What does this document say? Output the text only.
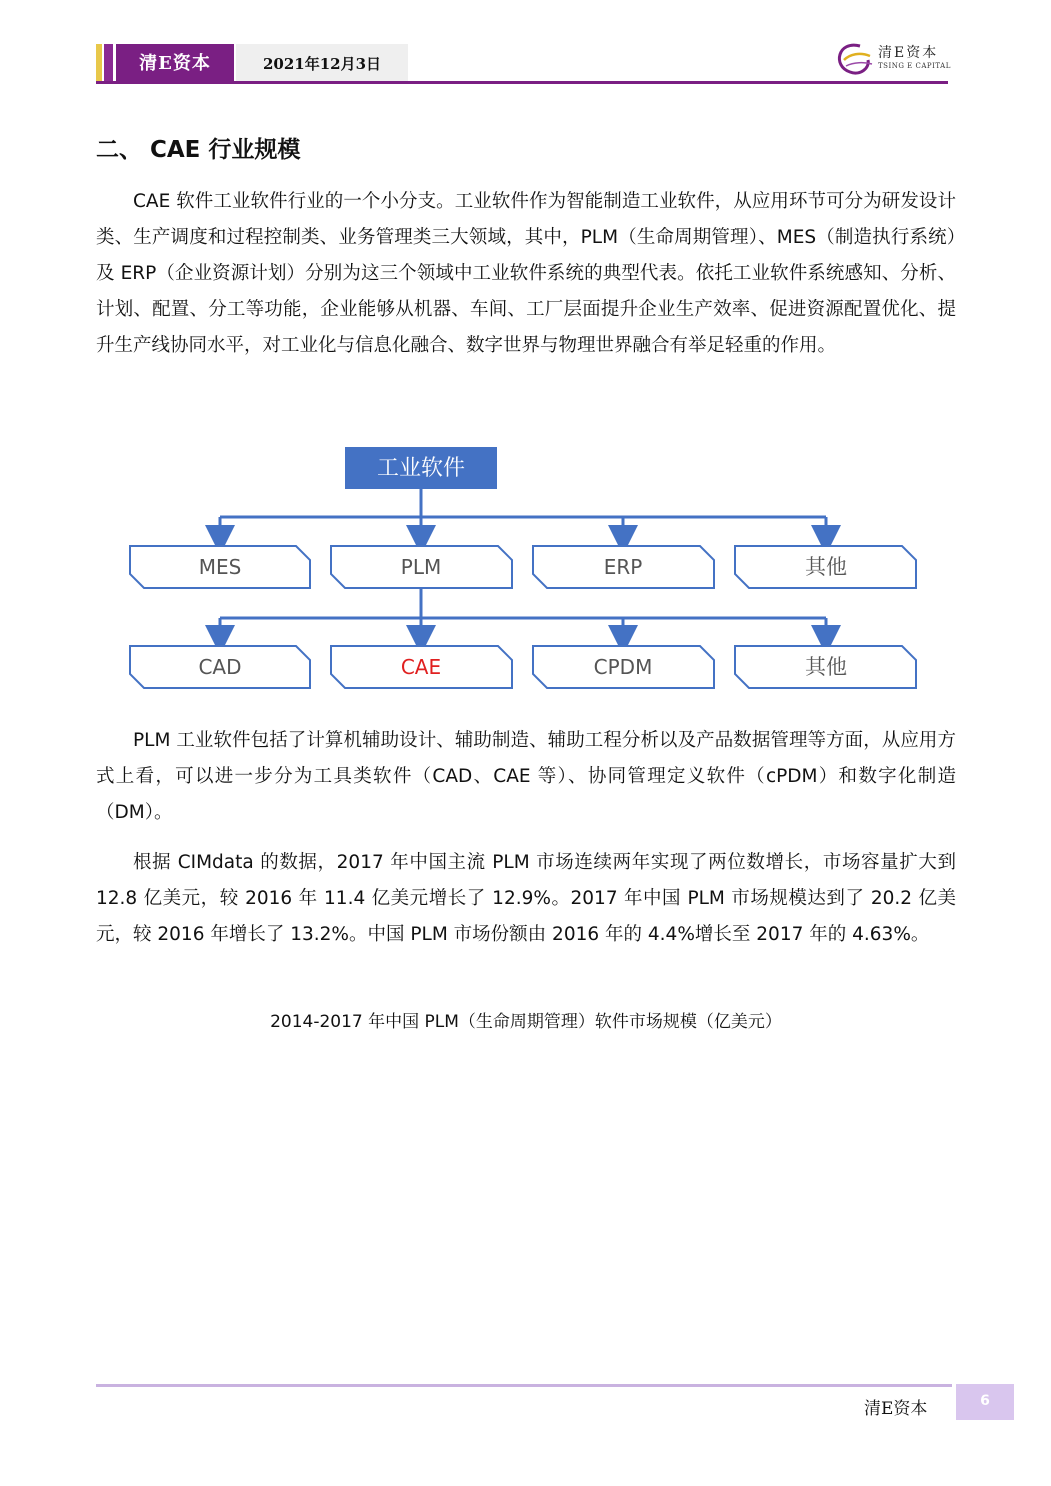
清E资本	2021年12月3日
清E资本
TSING E CAPITAL
二、 CAE 行业规模
CAE 软件工业软件行业的一个小分支。工业软件作为智能制造工业软件，从应用环节可分为研发设计类、生产调度和过程控制类、业务管理类三大领域，其中，PLM（生命周期管理）、MES（制造执行系统）及 ERP（企业资源计划）分别为这三个领域中工业软件系统的典型代表。依托工业软件系统感知、分析、计划、配置、分工等功能，企业能够从机器、车间、工厂层面提升企业生产效率、促进资源配置优化、提升生产线协同水平，对工业化与信息化融合、数字世界与物理世界融合有举足轻重的作用。
工业软件
MES	PLM	ERP	其他
CAD	CAE	CPDM	其他
PLM 工业软件包括了计算机辅助设计、辅助制造、辅助工程分析以及产品数据管理等方面，从应用方式上看，可以进一步分为工具类软件（CAD、CAE 等）、协同管理定义软件（cPDM）和数字化制造（DM）。
根据 CIMdata 的数据，2017 年中国主流 PLM 市场连续两年实现了两位数增长，市场容量扩大到 12.8 亿美元，较 2016 年 11.4 亿美元增长了 12.9%。2017 年中国 PLM 市场规模达到了 20.2 亿美元，较 2016 年增长了 13.2%。中国 PLM 市场份额由 2016 年的 4.4%增长至 2017 年的 4.63%。
2014-2017 年中国 PLM（生命周期管理）软件市场规模（亿美元）
清E资本	6
